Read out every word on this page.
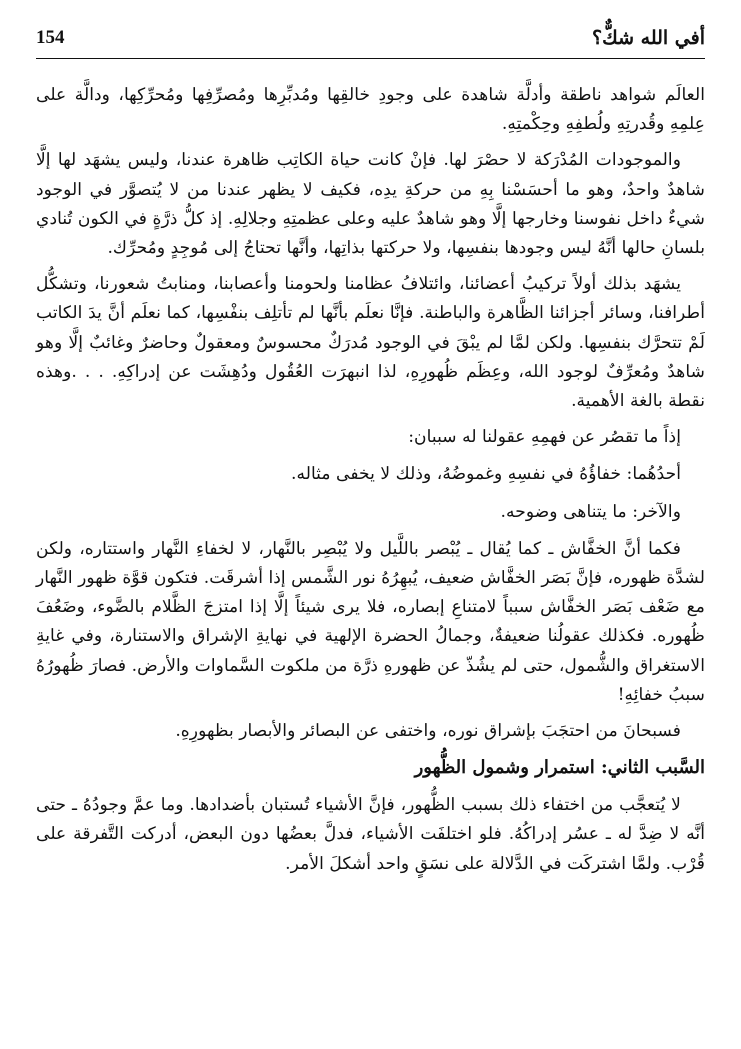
أفي الله شكٌّ؟
154

العالَم شواهد ناطقة وأدلَّة شاهدة على وجودِ خالقِها ومُدبِّرِها ومُصرِّفِها ومُحرِّكِها، ودالَّة على عِلمِهِ وقُدرتِهِ ولُطفِهِ وحِكْمتِهِ.

والموجودات المُدْرَكة لا حصْرَ لها. فإنْ كانت حياة الكاتِب ظاهرة عندنا، وليس يشهَد لها إلَّا شاهدٌ واحدٌ، وهو ما أحسَسْنا بِهِ من حركةِ يدِه، فكيف لا يظهر عندنا من لا يُتصوَّر في الوجود شيءٌ داخل نفوسنا وخارجها إلَّا وهو شاهدٌ عليه وعلى عظمتِهِ وجلالِهِ. إذ كلُّ ذرَّةٍ في الكون تُنادي بلسانِ حالها أنَّهُ ليس وجودها بنفسِها، ولا حركتها بذاتِها، وأنَّها تحتاجُ إلى مُوجِدٍ ومُحرِّك.

يشهَد بذلك أولاً تركيبُ أعضائنا، وائتلافُ عظامنا ولحومنا وأعصابنا، ومنابتُ شعورنا، وتشكُّل أطرافنا، وسائر أجزائنا الظَّاهرة والباطنة. فإنَّا نعلَم بأنَّها لم تأتلِف بنفْسِها، كما نعلَم أنَّ يدَ الكاتب لَمْ تتحرَّك بنفسِها. ولكن لمَّا لم يبْقَ في الوجود مُدرَكٌ محسوسٌ ومعقولٌ وحاضرٌ وغائبٌ إلَّا وهو شاهدٌ ومُعرِّفٌ لوجود الله، وعِظَم ظُهورِهِ، لذا انبهرَت العُقُول ودُهِشَت عن إدراكِهِ. . . .وهذه نقطة بالغة الأهمية.

إذاً ما تقصُر عن فهمِهِ عقولنا له سببان:
أحدُهُما: خفاؤُهُ في نفسِهِ وغموضُهُ، وذلك لا يخفى مثاله.
والآخر: ما يتناهى وضوحه.

فكما أنَّ الخفَّاش ـ كما يُقال ـ يُبْصر باللَّيل ولا يُبْصِر بالنَّهار، لا لخفاءِ النَّهار واستتاره، ولكن لشدَّة ظهوره، فإنَّ بَصَر الخفَّاش ضعيف، يُبهِرُهُ نور الشَّمس إذا أشرقَت. فتكون قوَّة ظهور النَّهار مع ضَعْف بَصَر الخفَّاش سبباً لامتناعِ إبصاره، فلا يرى شيئاً إلَّا إذا امتزجَ الظَّلام بالضَّوء، وضَعُفَ ظُهوره. فكذلك عقولُنا ضعيفةٌ، وجمالُ الحضرة الإلهية في نهايةِ الإشراق والاستنارة، وفي غايةِ الاستغراق والشُّمول، حتى لم يشُذّ عن ظهورهِ ذرَّة من ملكوت السَّماوات والأرض. فصارَ ظُهورُهُ سببُ خفائِهِ!

فسبحانَ من احتجَبَ بإشراق نوره، واختفى عن البصائر والأبصار بظهورِهِ.

السَّبب الثاني: استمرار وشمول الظُّهور

لا يُتعجَّب من اختفاء ذلك بسبب الظُّهور، فإنَّ الأشياء تُستبان بأضدادها. وما عمَّ وجودُهُ ـ حتى أنَّه لا ضِدَّ له ـ عسُر إدراكُهُ. فلو اختلفَت الأشياء، فدلَّ بعضُها دون البعض، أدركت التَّفرقة على قُرْب. ولمَّا اشتركَت في الدَّلالة على نسَقٍ واحد أشكلَ الأمر.
